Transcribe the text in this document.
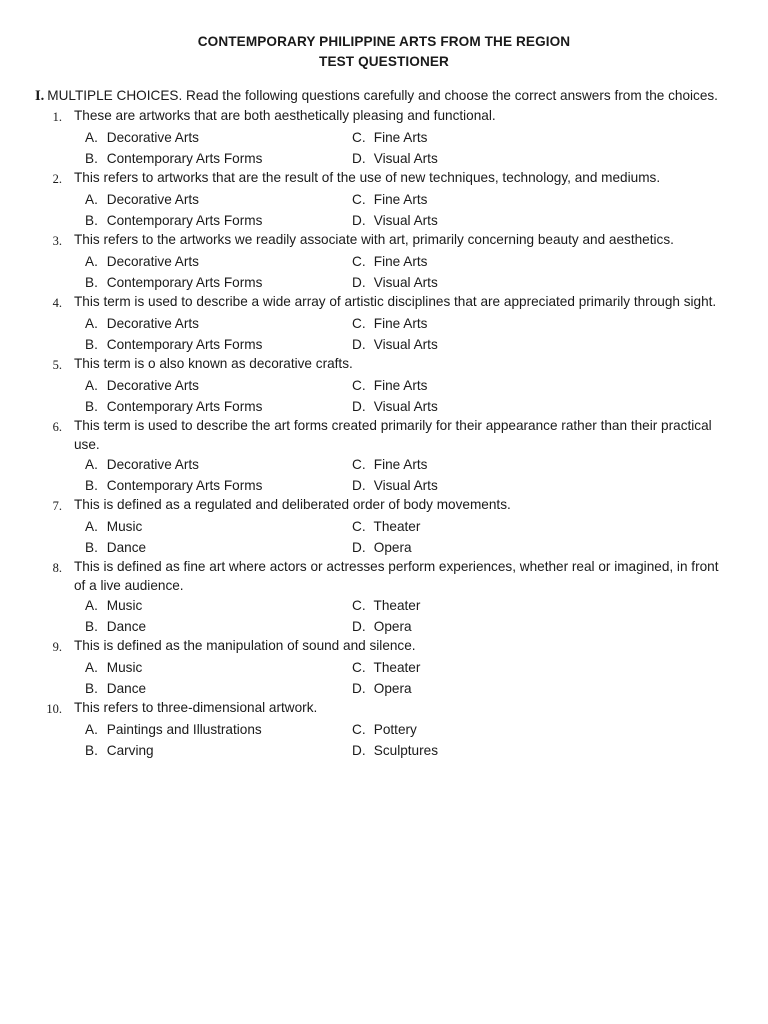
CONTEMPORARY PHILIPPINE ARTS FROM THE REGION
TEST QUESTIONER
I. MULTIPLE CHOICES. Read the following questions carefully and choose the correct answers from the choices.
1. These are artworks that are both aesthetically pleasing and functional.
A. Decorative Arts	C. Fine Arts
B. Contemporary Arts Forms	D. Visual Arts
2. This refers to artworks that are the result of the use of new techniques, technology, and mediums.
A. Decorative Arts	C. Fine Arts
B. Contemporary Arts Forms	D. Visual Arts
3. This refers to the artworks we readily associate with art, primarily concerning beauty and aesthetics.
A. Decorative Arts	C. Fine Arts
B. Contemporary Arts Forms	D. Visual Arts
4. This term is used to describe a wide array of artistic disciplines that are appreciated primarily through sight.
A. Decorative Arts	C. Fine Arts
B. Contemporary Arts Forms	D. Visual Arts
5. This term is o also known as decorative crafts.
A. Decorative Arts	C. Fine Arts
B. Contemporary Arts Forms	D. Visual Arts
6. This term is used to describe the art forms created primarily for their appearance rather than their practical use.
A. Decorative Arts	C. Fine Arts
B. Contemporary Arts Forms	D. Visual Arts
7. This is defined as a regulated and deliberated order of body movements.
A. Music	C. Theater
B. Dance	D. Opera
8. This is defined as fine art where actors or actresses perform experiences, whether real or imagined, in front of a live audience.
A. Music	C. Theater
B. Dance	D. Opera
9. This is defined as the manipulation of sound and silence.
A. Music	C. Theater
B. Dance	D. Opera
10. This refers to three-dimensional artwork.
A. Paintings and Illustrations	C. Pottery
B. Carving	D. Sculptures
